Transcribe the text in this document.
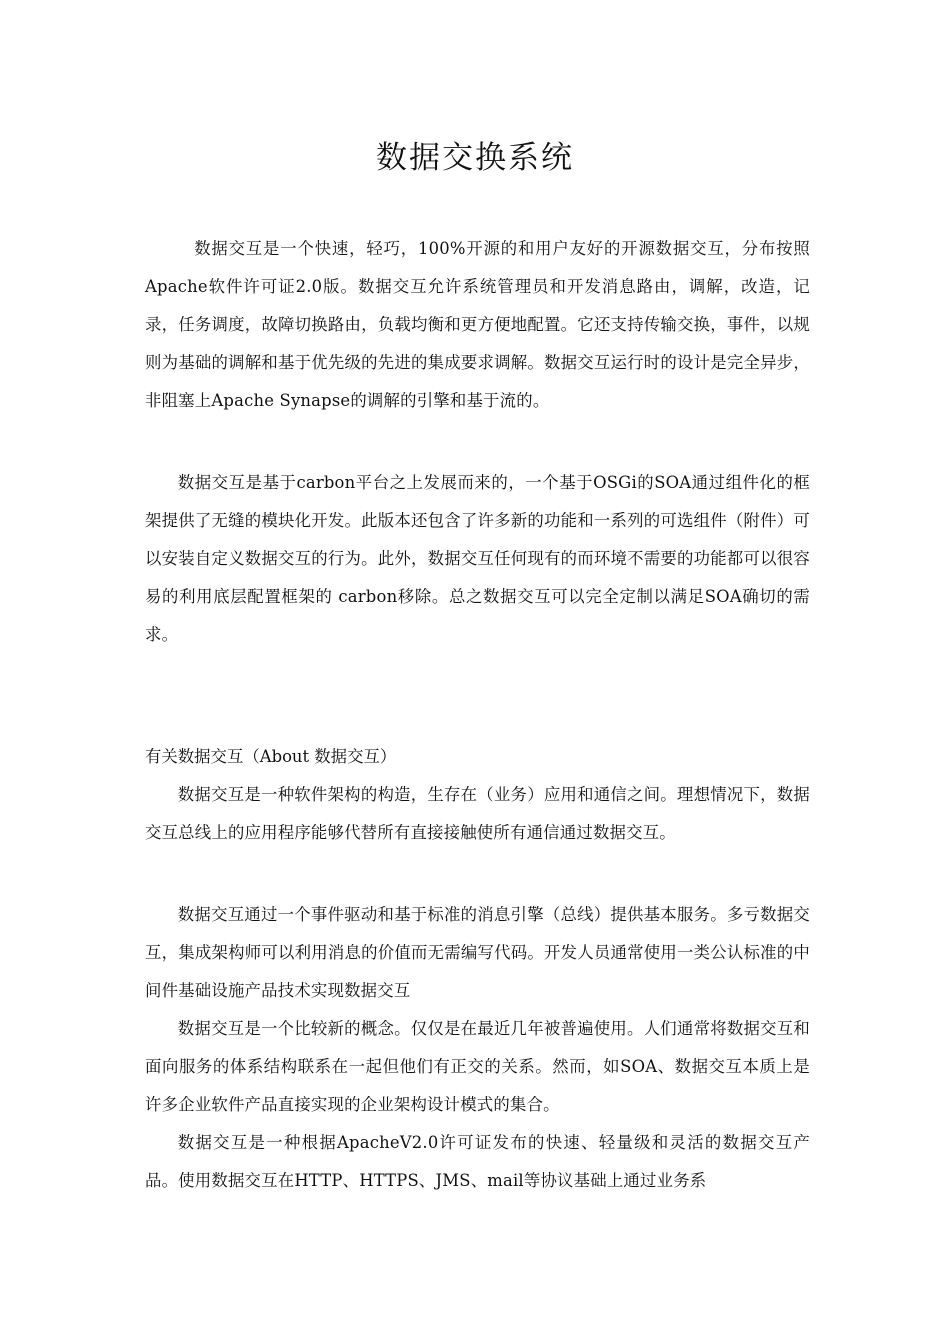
数据交换系统

数据交互是一个快速，轻巧，100%开源的和用户友好的开源数据交互，分布按照Apache软件许可证2.0版。数据交互允许系统管理员和开发消息路由，调解，改造，记录，任务调度，故障切换路由，负载均衡和更方便地配置。它还支持传输交换，事件，以规则为基础的调解和基于优先级的先进的集成要求调解。数据交互运行时的设计是完全异步，非阻塞上Apache Synapse的调解的引擎和基于流的。

数据交互是基于carbon平台之上发展而来的，一个基于OSGi的SOA通过组件化的框架提供了无缝的模块化开发。此版本还包含了许多新的功能和一系列的可选组件（附件）可以安装自定义数据交互的行为。此外，数据交互任何现有的而环境不需要的功能都可以很容易的利用底层配置框架的 carbon移除。总之数据交互可以完全定制以满足SOA确切的需求。

有关数据交互（About 数据交互）

数据交互是一种软件架构的构造，生存在（业务）应用和通信之间。理想情况下，数据交互总线上的应用程序能够代替所有直接接触使所有通信通过数据交互。

数据交互通过一个事件驱动和基于标准的消息引擎（总线）提供基本服务。多亏数据交互，集成架构师可以利用消息的价值而无需编写代码。开发人员通常使用一类公认标准的中间件基础设施产品技术实现数据交互

数据交互是一个比较新的概念。仅仅是在最近几年被普遍使用。人们通常将数据交互和面向服务的体系结构联系在一起但他们有正交的关系。然而，如SOA、数据交互本质上是许多企业软件产品直接实现的企业架构设计模式的集合。

数据交互是一种根据ApacheV2.0许可证发布的快速、轻量级和灵活的数据交互产品。使用数据交互在HTTP、HTTPS、JMS、mail等协议基础上通过业务系
